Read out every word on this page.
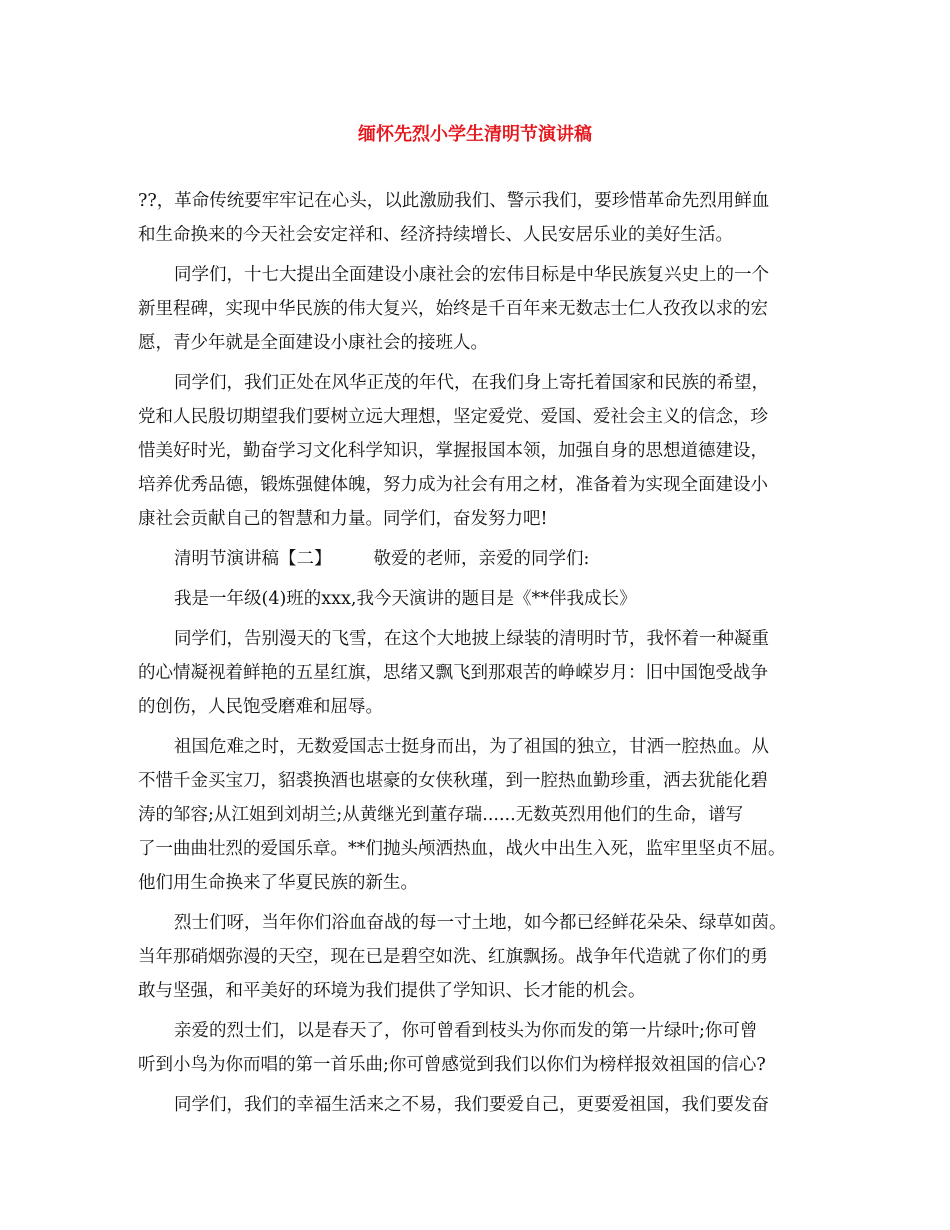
缅怀先烈小学生清明节演讲稿
??，革命传统要牢牢记在心头，以此激励我们、警示我们，要珍惜革命先烈用鲜血
和生命换来的今天社会安定祥和、经济持续增长、人民安居乐业的美好生活。
同学们，十七大提出全面建设小康社会的宏伟目标是中华民族复兴史上的一个
新里程碑，实现中华民族的伟大复兴，始终是千百年来无数志士仁人孜孜以求的宏
愿，青少年就是全面建设小康社会的接班人。
同学们，我们正处在风华正茂的年代，在我们身上寄托着国家和民族的希望，
党和人民殷切期望我们要树立远大理想，坚定爱党、爱国、爱社会主义的信念，珍
惜美好时光，勤奋学习文化科学知识，掌握报国本领，加强自身的思想道德建设，
培养优秀品德，锻炼强健体魄，努力成为社会有用之材，准备着为实现全面建设小
康社会贡献自己的智慧和力量。同学们，奋发努力吧!
清明节演讲稿【二】 敬爱的老师，亲爱的同学们:
我是一年级(4)班的xxx,我今天演讲的题目是《**伴我成长》
同学们，告别漫天的飞雪，在这个大地披上绿装的清明时节，我怀着一种凝重
的心情凝视着鲜艳的五星红旗，思绪又飘飞到那艰苦的峥嵘岁月：旧中国饱受战争
的创伤，人民饱受磨难和屈辱。
祖国危难之时，无数爱国志士挺身而出，为了祖国的独立，甘洒一腔热血。从
不惜千金买宝刀，貂裘换酒也堪豪的女侠秋瑾，到一腔热血勤珍重，洒去犹能化碧
涛的邹容;从江姐到刘胡兰;从黄继光到董存瑞......无数英烈用他们的生命，谱写
了一曲曲壮烈的爱国乐章。**们抛头颅洒热血，战火中出生入死，监牢里坚贞不屈。
他们用生命换来了华夏民族的新生。
烈士们呀，当年你们浴血奋战的每一寸土地，如今都已经鲜花朵朵、绿草如茵。
当年那硝烟弥漫的天空，现在已是碧空如洗、红旗飘扬。战争年代造就了你们的勇
敢与坚强，和平美好的环境为我们提供了学知识、长才能的机会。
亲爱的烈士们，以是春天了，你可曾看到枝头为你而发的第一片绿叶;你可曾
听到小鸟为你而唱的第一首乐曲;你可曾感觉到我们以你们为榜样报效祖国的信心?
同学们，我们的幸福生活来之不易，我们要爱自己，更要爱祖国，我们要发奋
